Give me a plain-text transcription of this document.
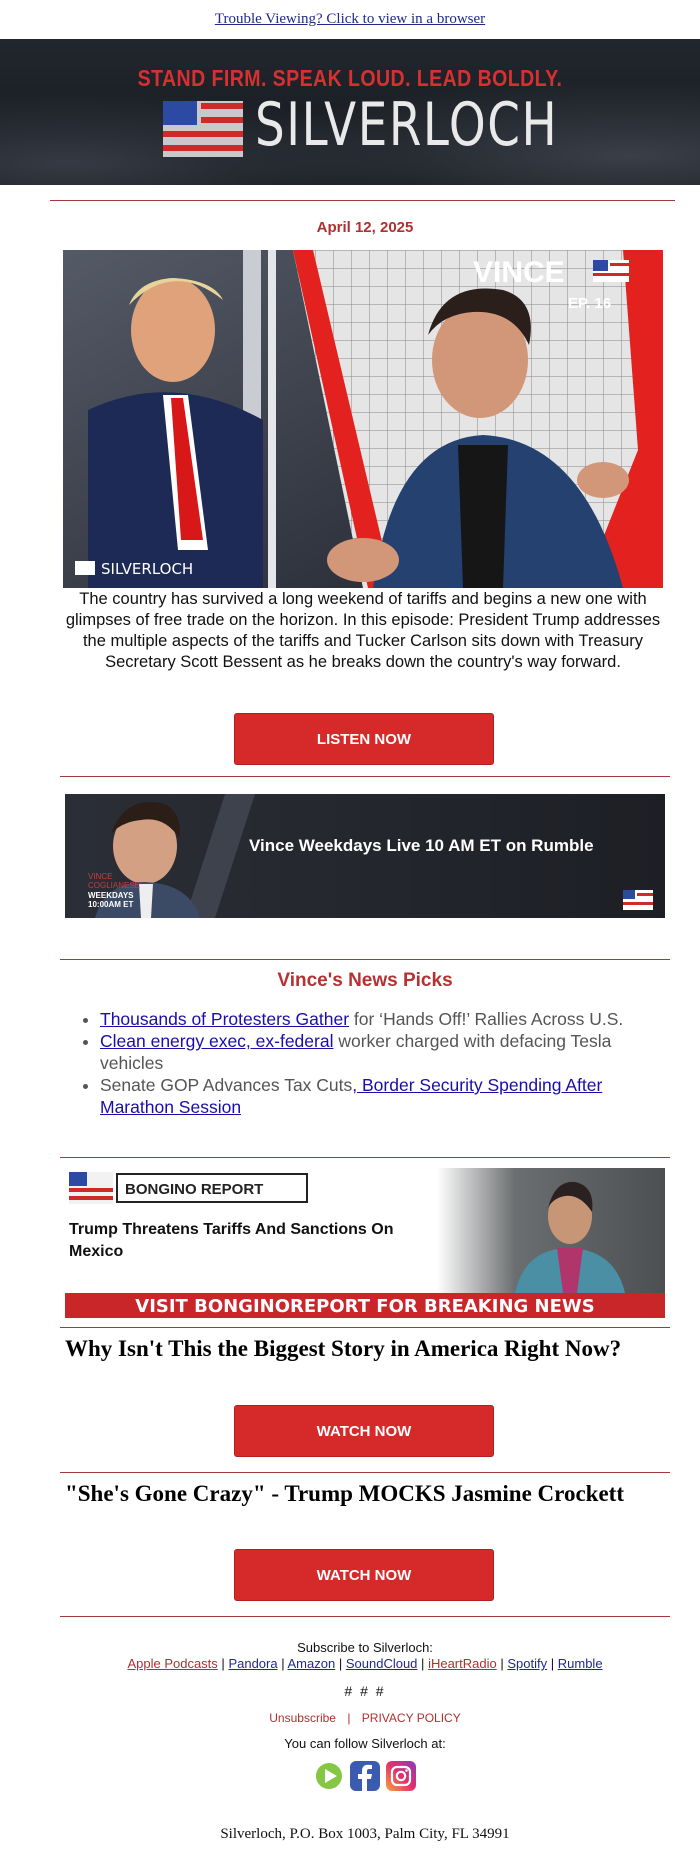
Trouble Viewing? Click to view in a browser
STAND FIRM. SPEAK LOUD. LEAD BOLDLY.
SILVERLOCH
April 12, 2025
VINCE
EP. 16
SILVERLOCH
The country has survived a long weekend of tariffs and begins a new one with glimpses of free trade on the horizon. In this episode: President Trump addresses the multiple aspects of the tariffs and Tucker Carlson sits down with Treasury Secretary Scott Bessent as he breaks down the country's way forward.
LISTEN NOW
VINCE
COGLIANESE
WEEKDAYS
10:00AM ET
Vince Weekdays Live 10 AM ET on Rumble
Vince's News Picks
• Thousands of Protesters Gather for ‘Hands Off!’ Rallies Across U.S.
• Clean energy exec, ex-federal worker charged with defacing Tesla vehicles
• Senate GOP Advances Tax Cuts, Border Security Spending After Marathon Session
BONGINO REPORT
Trump Threatens Tariffs And Sanctions On
Mexico
VISIT BONGINOREPORT FOR BREAKING NEWS
Why Isn't This the Biggest Story in America Right Now?
WATCH NOW
"She's Gone Crazy" - Trump MOCKS Jasmine Crockett
WATCH NOW
Subscribe to Silverloch:
Apple Podcasts | Pandora | Amazon | SoundCloud | iHeartRadio | Spotify | Rumble
# # #
Unsubscribe | PRIVACY POLICY
You can follow Silverloch at:
Silverloch, P.O. Box 1003, Palm City, FL 34991
